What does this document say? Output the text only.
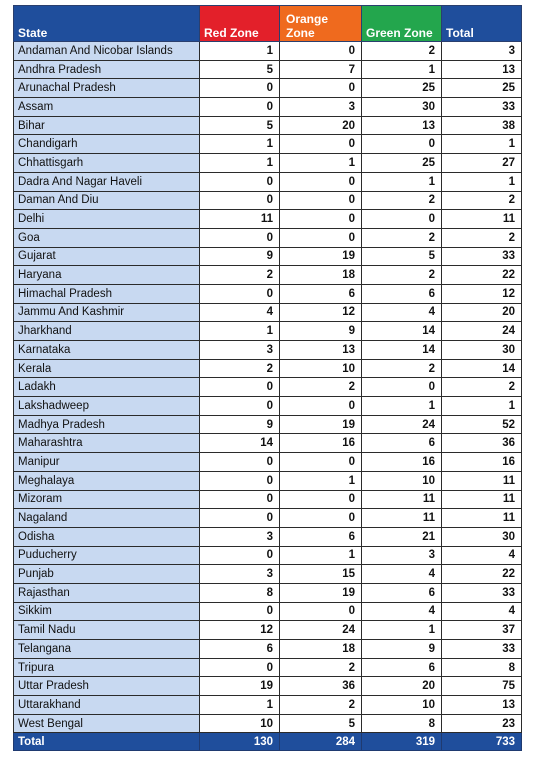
State	Red Zone	Orange Zone	Green Zone	Total
Andaman And Nicobar Islands	1	0	2	3
Andhra Pradesh	5	7	1	13
Arunachal Pradesh	0	0	25	25
Assam	0	3	30	33
Bihar	5	20	13	38
Chandigarh	1	0	0	1
Chhattisgarh	1	1	25	27
Dadra And Nagar Haveli	0	0	1	1
Daman And Diu	0	0	2	2
Delhi	11	0	0	11
Goa	0	0	2	2
Gujarat	9	19	5	33
Haryana	2	18	2	22
Himachal Pradesh	0	6	6	12
Jammu And Kashmir	4	12	4	20
Jharkhand	1	9	14	24
Karnataka	3	13	14	30
Kerala	2	10	2	14
Ladakh	0	2	0	2
Lakshadweep	0	0	1	1
Madhya Pradesh	9	19	24	52
Maharashtra	14	16	6	36
Manipur	0	0	16	16
Meghalaya	0	1	10	11
Mizoram	0	0	11	11
Nagaland	0	0	11	11
Odisha	3	6	21	30
Puducherry	0	1	3	4
Punjab	3	15	4	22
Rajasthan	8	19	6	33
Sikkim	0	0	4	4
Tamil Nadu	12	24	1	37
Telangana	6	18	9	33
Tripura	0	2	6	8
Uttar Pradesh	19	36	20	75
Uttarakhand	1	2	10	13
West Bengal	10	5	8	23
Total	130	284	319	733
